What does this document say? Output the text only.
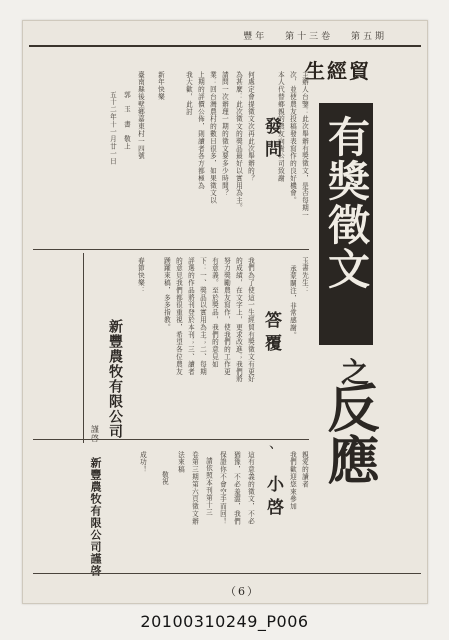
豐年 第十三卷 第五期
生經貿
有獎徵文
之
反應
發問	主辦人台鑒：此次舉辦有獎徵文，是否每期一
次，並使農友投稿發表寫作的良好機會。
本人代替鄉親的農友向貴公司致謝
何處定會提徵文次再此次舉辦的？
為甚麼：此次徵文的獎品最好以實用為主。
請問一次辦理一期的徵文要多少時間？
業：回台灣農村的數目很多，如果徵文以
上期的評價公佈，則讀者各方都極為
我大歡，此討
新年快樂
臺南縣後壁鄉嘉東村一四號
郭　玉　書　敬上
五十二年十一月廿一日
答覆
、
玉書先生：
承蒙關注，非常感謝。
我們為了使這一生經貿有獎徵文有更好
的成績，在文字上，更求改進；我們將
努力獎勵農友寫作，使我們的工作更
有意義。至於獎品，我們的意見如
下：一、獎品以實用為主；二、每期
評選的作品將刊登於本刊；三、讀者
的意見我們都很重視，希望各位農友
踴躍來稿，多多指教。
春節快樂：
新豐農牧有限公司
謹啓
小啓
親愛的讀者
我們歡迎您來參加
這有意義的徵文，不必
猶豫，不必羞澀，我們
保證你不會空手而回！
請依照本刊第十三
卷第三期第六頁徵文辦
法來稿
敬祝
成功！
新豐農牧有限公司謹啓
（6）
20100310249_P006
